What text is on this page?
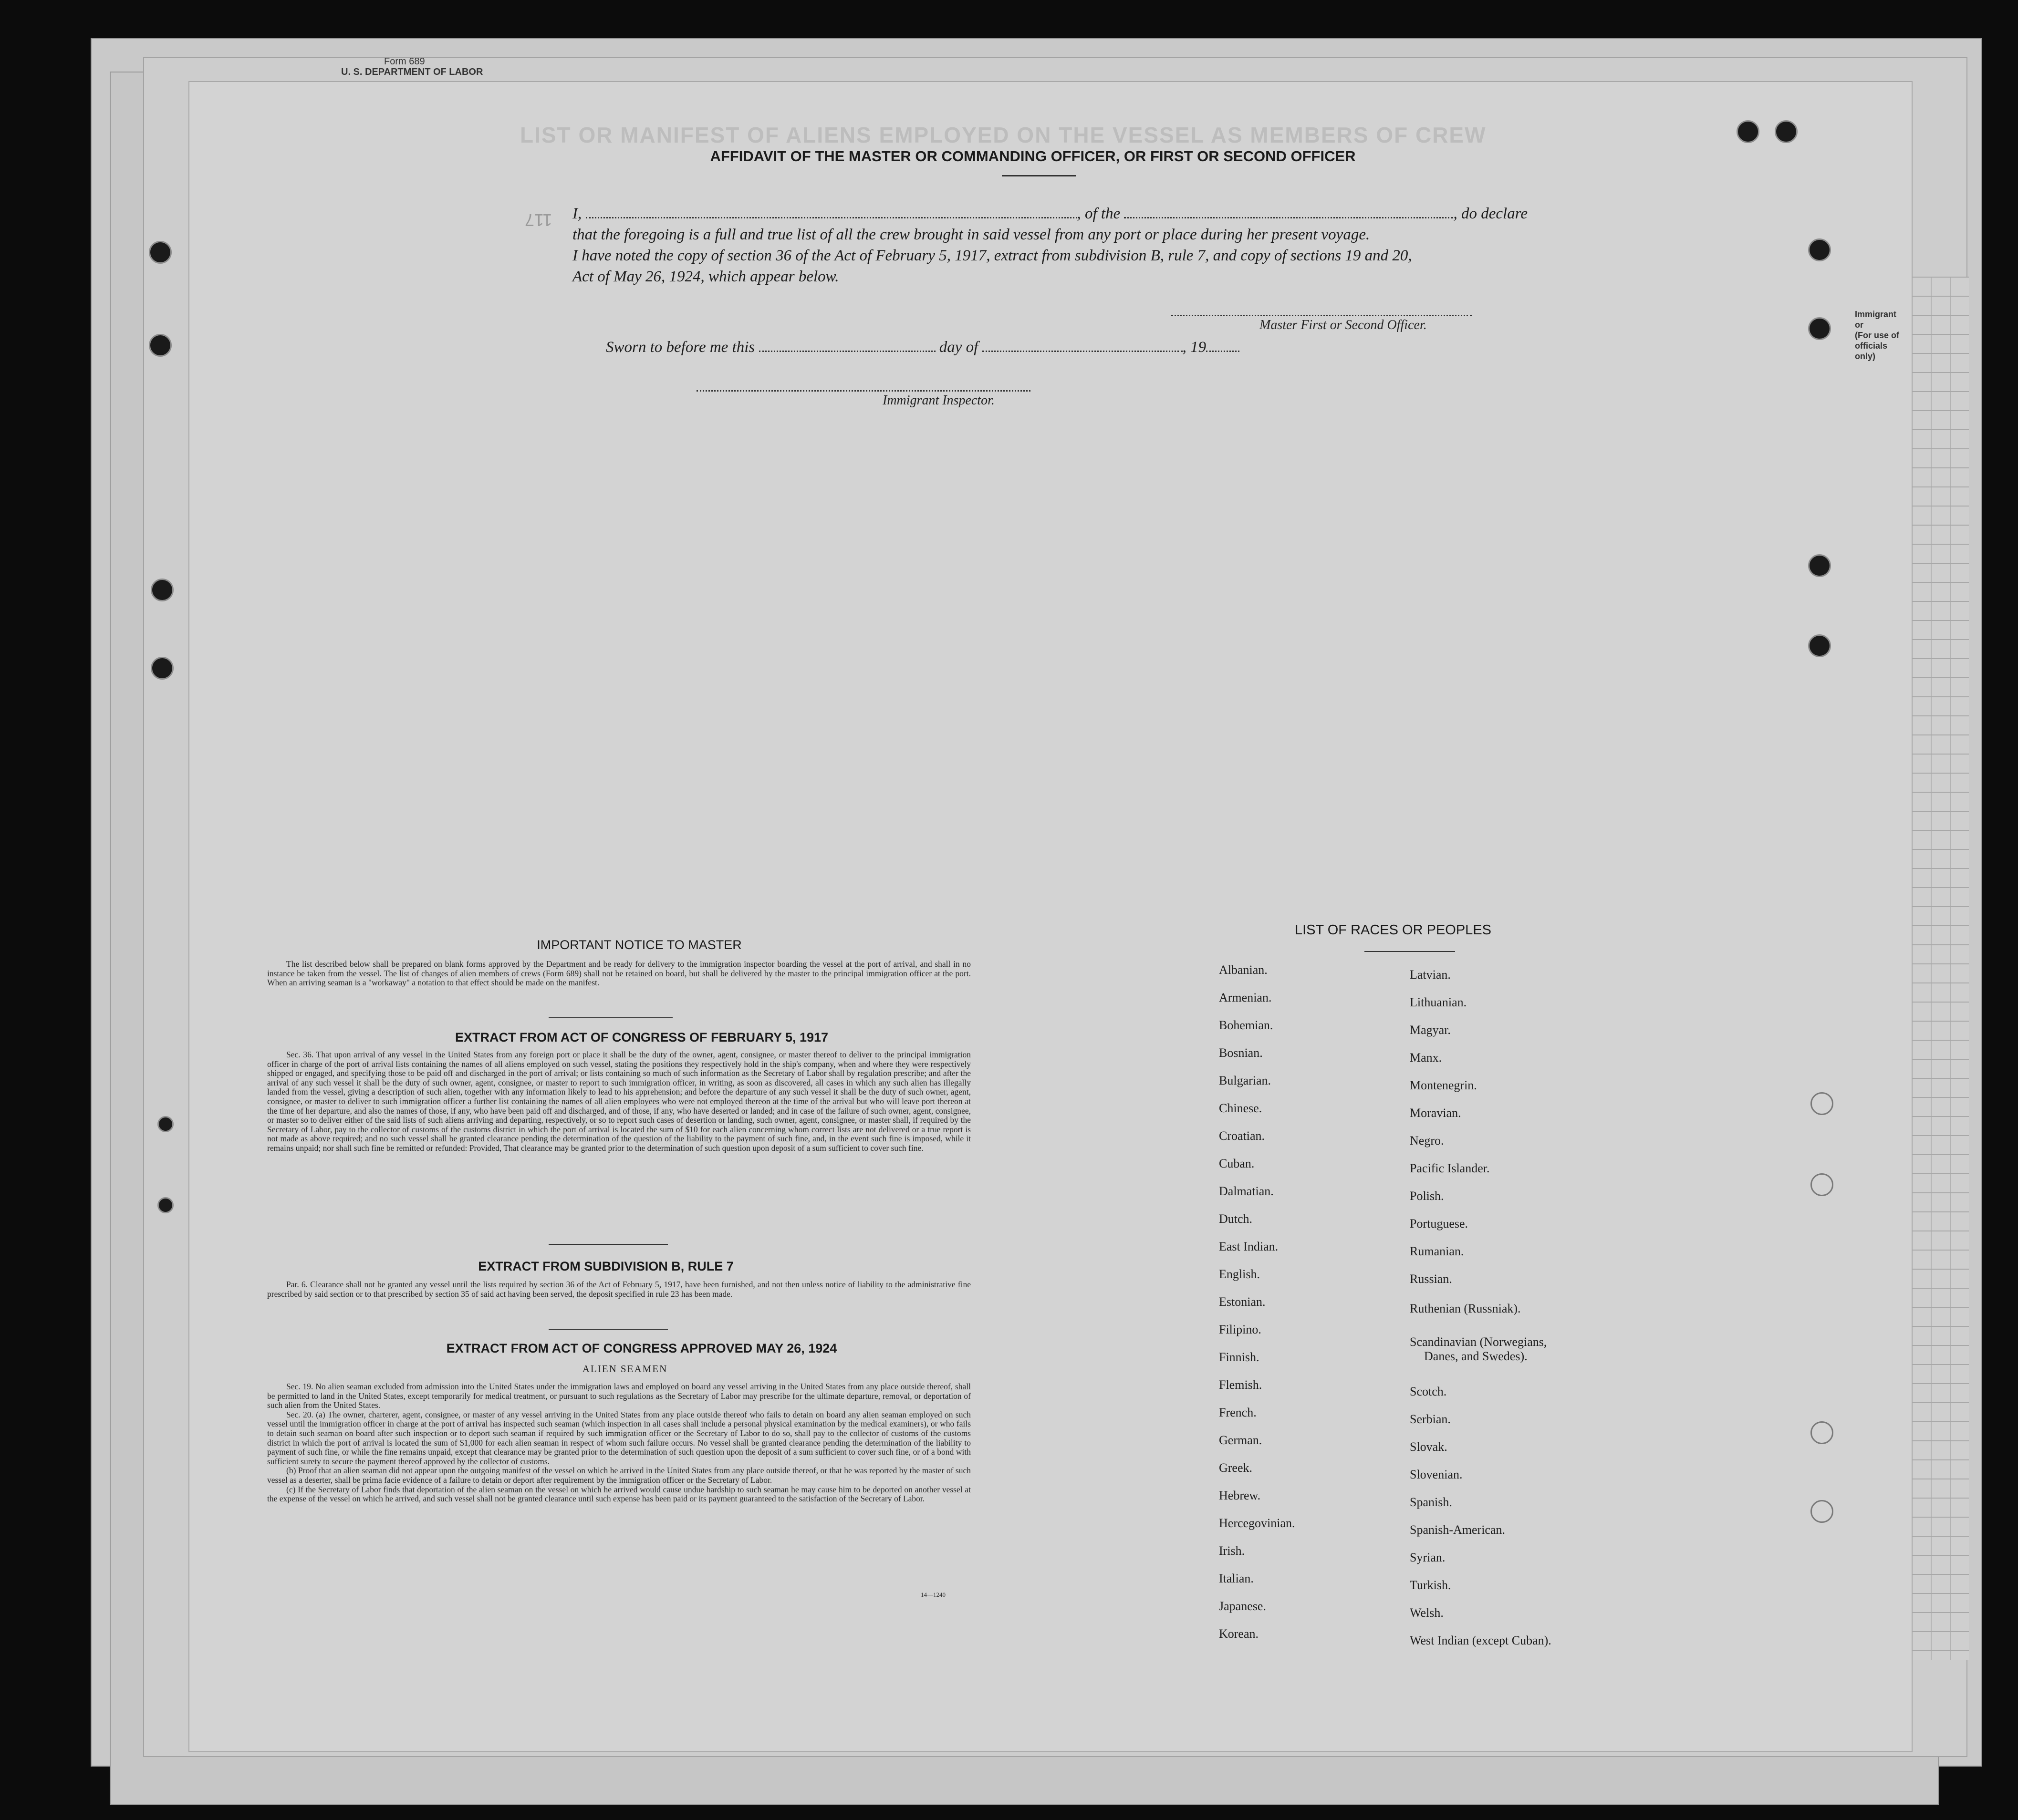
Form 689
U. S. DEPARTMENT OF LABOR
LIST OR MANIFEST OF ALIENS EMPLOYED ON THE VESSEL AS MEMBERS OF CREW
Immigrant
or
(For use of
officials only)
117
AFFIDAVIT OF THE MASTER OR COMMANDING OFFICER, OR FIRST OR SECOND OFFICER
I,	, of the	, do declare
that the foregoing is a full and true list of all the crew brought in said vessel from any port or place during her present voyage.
I have noted the copy of section 36 of the Act of February 5, 1917, extract from subdivision B, rule 7, and copy of sections 19 and 20,
Act of May 26, 1924, which appear below.
Master First or Second Officer.
Sworn to before me this	day of	, 19
Immigrant Inspector.
IMPORTANT NOTICE TO MASTER

The list described below shall be prepared on blank forms approved by the Department and be ready for delivery to the immigration inspector boarding the vessel at the port of arrival, and shall in no instance be taken from the vessel. The list of changes of alien members of crews (Form 689) shall not be retained on board, but shall be delivered by the master to the principal immigration officer at the port. When an arriving seaman is a "workaway" a notation to that effect should be made on the manifest.

EXTRACT FROM ACT OF CONGRESS OF FEBRUARY 5, 1917

Sec. 36. That upon arrival of any vessel in the United States from any foreign port or place it shall be the duty of the owner, agent, consignee, or master thereof to deliver to the principal immigration officer in charge of the port of arrival lists containing the names of all aliens employed on such vessel, stating the positions they respectively hold in the ship's company, when and where they were respectively shipped or engaged, and specifying those to be paid off and discharged in the port of arrival; or lists containing so much of such information as the Secretary of Labor shall by regulation prescribe; and after the arrival of any such vessel it shall be the duty of such owner, agent, consignee, or master to report to such immigration officer, in writing, as soon as discovered, all cases in which any such alien has illegally landed from the vessel, giving a description of such alien, together with any information likely to lead to his apprehension; and before the departure of any such vessel it shall be the duty of such owner, agent, consignee, or master to deliver to such immigration officer a further list containing the names of all alien employees who were not employed thereon at the time of the arrival but who will leave port thereon at the time of her departure, and also the names of those, if any, who have been paid off and discharged, and of those, if any, who have deserted or landed; and in case of the failure of such owner, agent, consignee, or master so to deliver either of the said lists of such aliens arriving and departing, respectively, or so to report such cases of desertion or landing, such owner, agent, consignee, or master shall, if required by the Secretary of Labor, pay to the collector of customs of the customs district in which the port of arrival is located the sum of $10 for each alien concerning whom correct lists are not delivered or a true report is not made as above required; and no such vessel shall be granted clearance pending the determination of the question of the liability to the payment of such fine, and, in the event such fine is imposed, while it remains unpaid; nor shall such fine be remitted or refunded: Provided, That clearance may be granted prior to the determination of such question upon deposit of a sum sufficient to cover such fine.

EXTRACT FROM SUBDIVISION B, RULE 7

Par. 6. Clearance shall not be granted any vessel until the lists required by section 36 of the Act of February 5, 1917, have been furnished, and not then unless notice of liability to the administrative fine prescribed by said section or to that prescribed by section 35 of said act having been served, the deposit specified in rule 23 has been made.

EXTRACT FROM ACT OF CONGRESS APPROVED MAY 26, 1924
ALIEN SEAMEN

Sec. 19. No alien seaman excluded from admission into the United States under the immigration laws and employed on board any vessel arriving in the United States from any place outside thereof, shall be permitted to land in the United States, except temporarily for medical treatment, or pursuant to such regulations as the Secretary of Labor may prescribe for the ultimate departure, removal, or deportation of such alien from the United States.

Sec. 20. (a) The owner, charterer, agent, consignee, or master of any vessel arriving in the United States from any place outside thereof who fails to detain on board any alien seaman employed on such vessel until the immigration officer in charge at the port of arrival has inspected such seaman (which inspection in all cases shall include a personal physical examination by the medical examiners), or who fails to detain such seaman on board after such inspection or to deport such seaman if required by such immigration officer or the Secretary of Labor to do so, shall pay to the collector of customs of the customs district in which the port of arrival is located the sum of $1,000 for each alien seaman in respect of whom such failure occurs. No vessel shall be granted clearance pending the determination of the liability to payment of such fine, or while the fine remains unpaid, except that clearance may be granted prior to the determination of such question upon the deposit of a sum sufficient to cover such fine, or of a bond with sufficient surety to secure the payment thereof approved by the collector of customs.

(b) Proof that an alien seaman did not appear upon the outgoing manifest of the vessel on which he arrived in the United States from any place outside thereof, or that he was reported by the master of such vessel as a deserter, shall be prima facie evidence of a failure to detain or deport after requirement by the immigration officer or the Secretary of Labor.

(c) If the Secretary of Labor finds that deportation of the alien seaman on the vessel on which he arrived would cause undue hardship to such seaman he may cause him to be deported on another vessel at the expense of the vessel on which he arrived, and such vessel shall not be granted clearance until such expense has been paid or its payment guaranteed to the satisfaction of the Secretary of Labor.

14—1240
LIST OF RACES OR PEOPLES
Albanian.
Armenian.
Bohemian.
Bosnian.
Bulgarian.
Chinese.
Croatian.
Cuban.
Dalmatian.
Dutch.
East Indian.
English.
Estonian.
Filipino.
Finnish.
Flemish.
French.
German.
Greek.
Hebrew.
Hercegovinian.
Irish.
Italian.
Japanese.
Korean.
Latvian.
Lithuanian.
Magyar.
Manx.
Montenegrin.
Moravian.
Negro.
Pacific Islander.
Polish.
Portuguese.
Rumanian.
Russian.
Ruthenian (Russniak).
Scandinavian (Norwegians,
Danes, and Swedes).
Scotch.
Serbian.
Slovak.
Slovenian.
Spanish.
Spanish-American.
Syrian.
Turkish.
Welsh.
West Indian (except Cuban).
